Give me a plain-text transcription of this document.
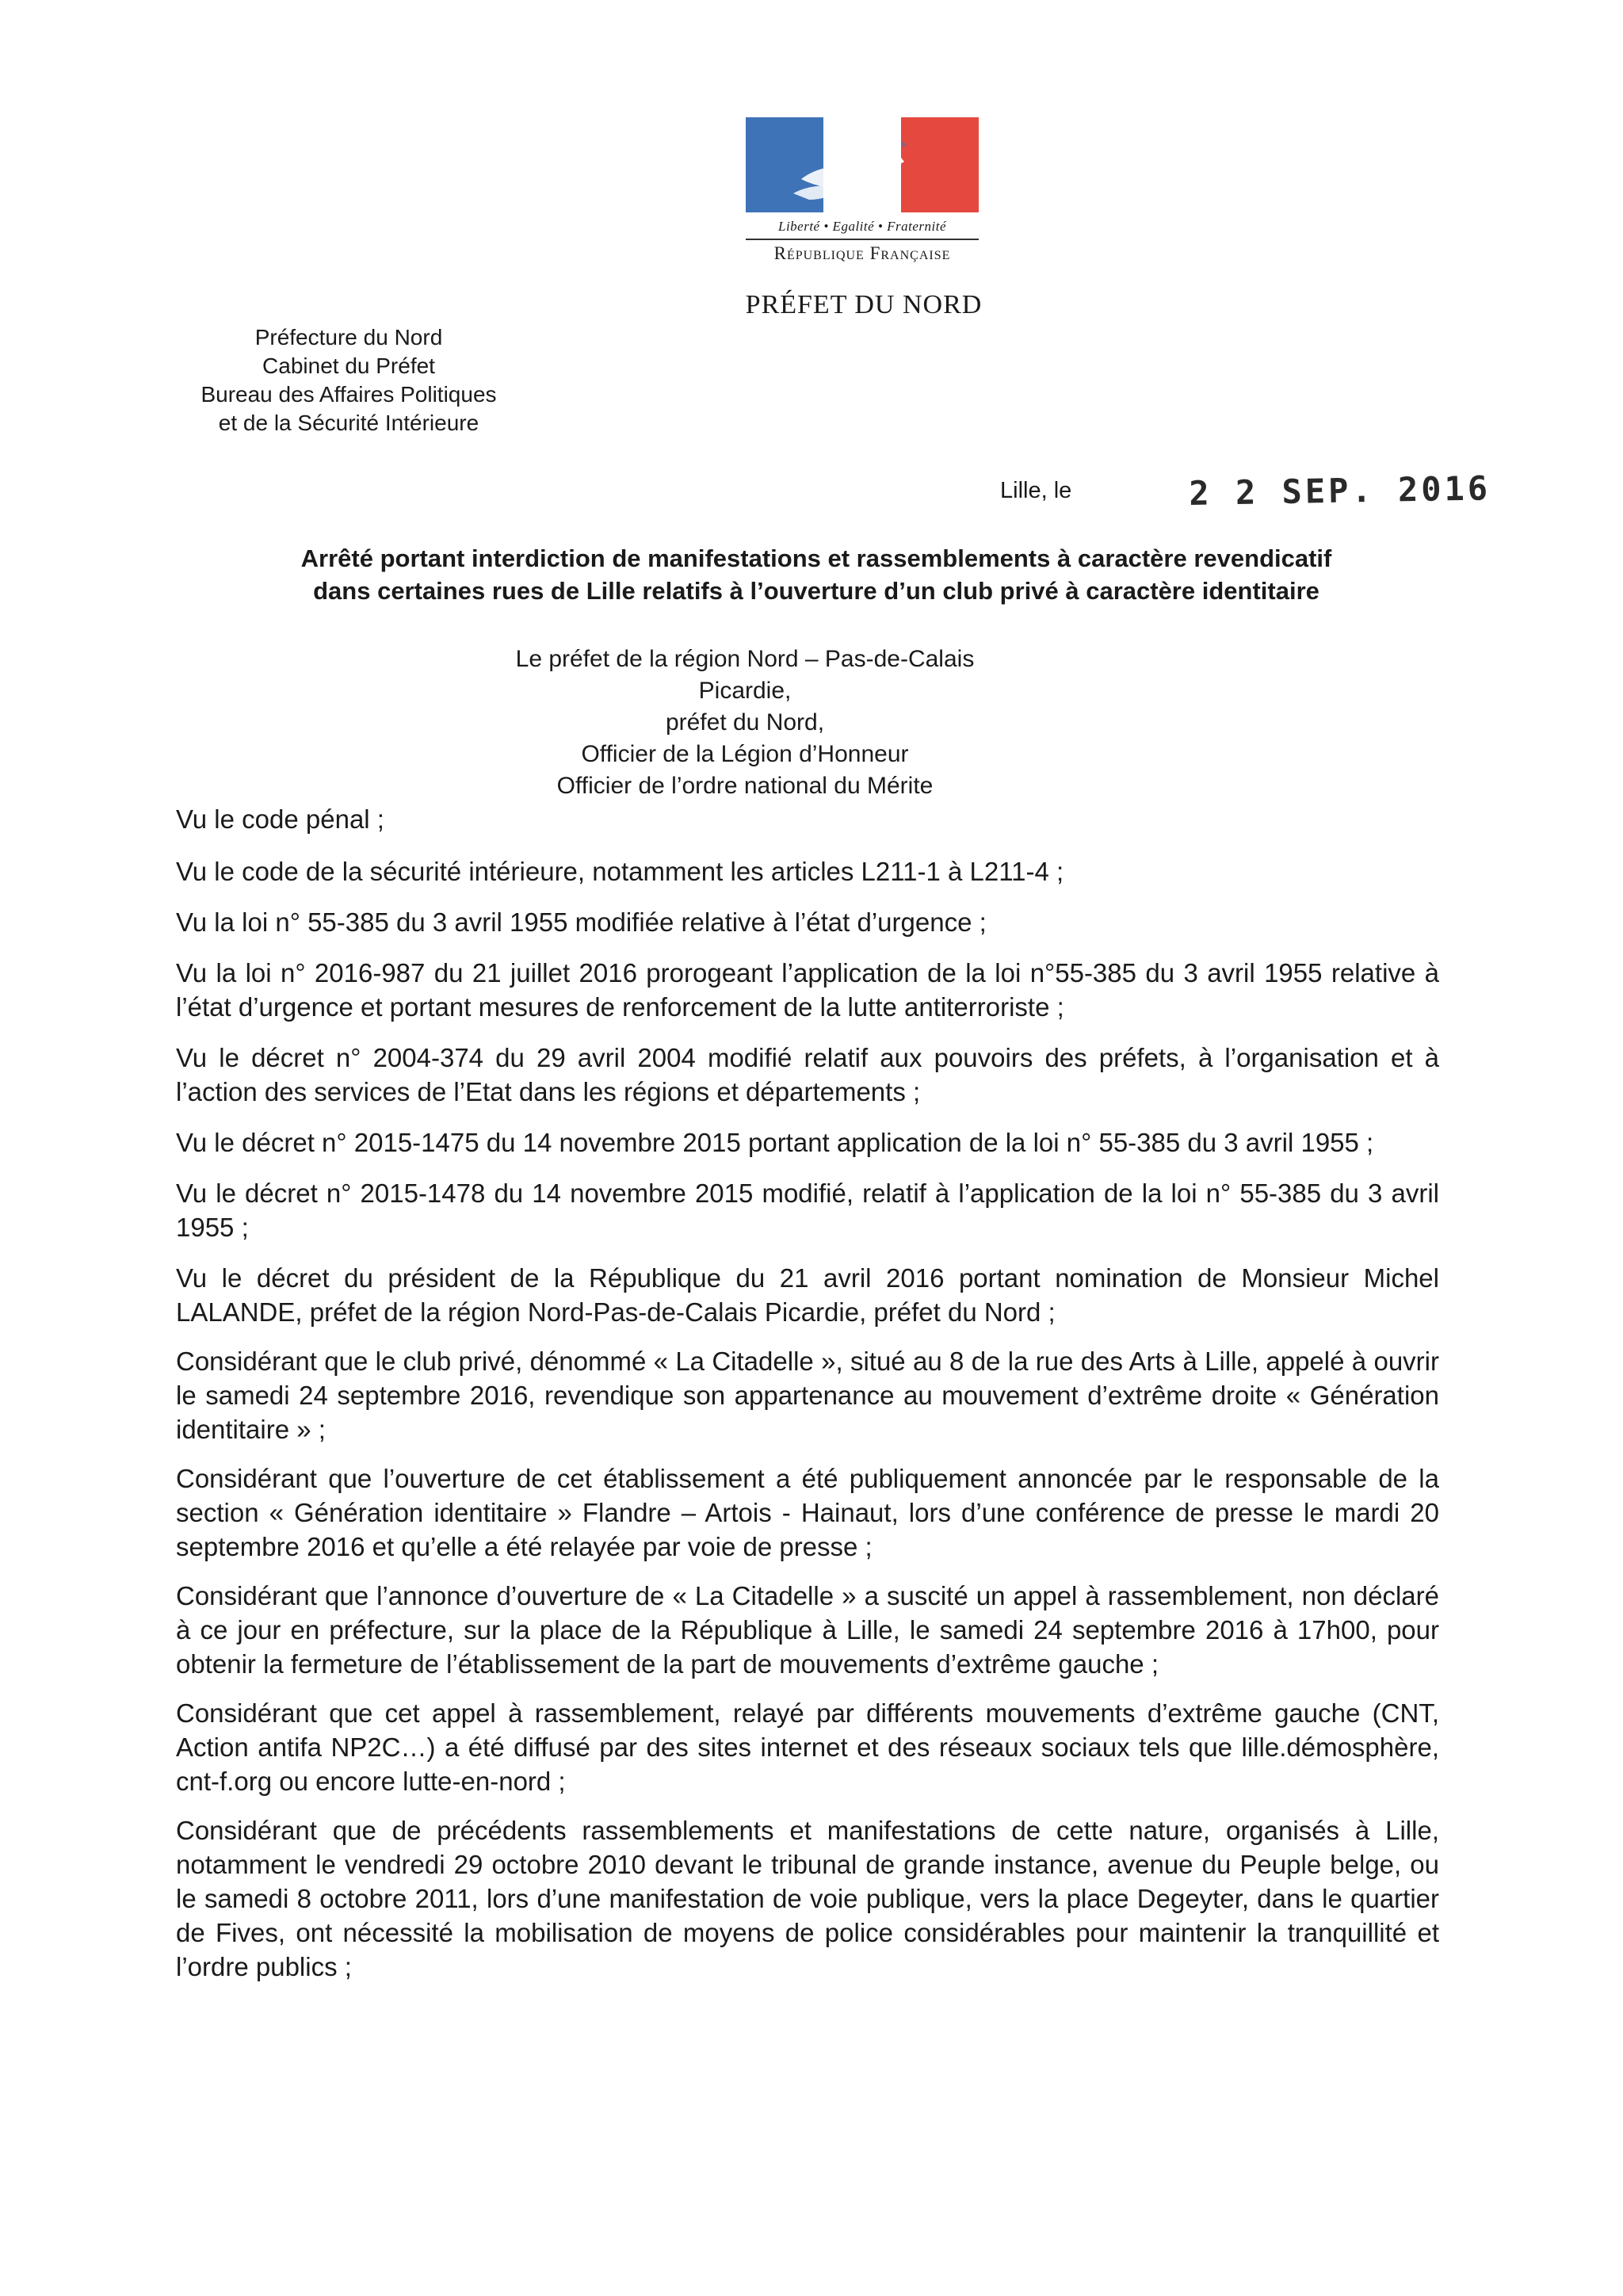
Liberté • Egalité • Fraternité
République Française
PRÉFET DU NORD
Préfecture du Nord
Cabinet du Préfet
Bureau des Affaires Politiques
et de la Sécurité Intérieure
Lille, le	2 2 SEP. 2016
Arrêté portant interdiction de manifestations et rassemblements à caractère revendicatif
dans certaines rues de Lille relatifs à l’ouverture d’un club privé à caractère identitaire
Le préfet de la région Nord – Pas-de-Calais Picardie,
préfet du Nord,
Officier de la Légion d’Honneur
Officier de l’ordre national du Mérite

Vu le code pénal ;

Vu le code de la sécurité intérieure, notamment les articles L211-1 à L211-4 ;

Vu la loi n° 55-385 du 3 avril 1955 modifiée relative à l’état d’urgence ;

Vu la loi n° 2016-987 du 21 juillet 2016 prorogeant l’application de la loi n°55-385 du 3 avril 1955 relative à l’état d’urgence et portant mesures de renforcement de la lutte antiterroriste ;

Vu le décret n° 2004-374 du 29 avril 2004 modifié relatif aux pouvoirs des préfets, à l’organisation et à l’action des services de l’Etat dans les régions et départements ;

Vu le décret n° 2015-1475 du 14 novembre 2015 portant application de la loi n° 55-385 du 3 avril 1955 ;

Vu le décret n° 2015-1478 du 14 novembre 2015 modifié, relatif à l’application de la loi n° 55-385 du 3 avril 1955 ;

Vu le décret du président de la République du 21 avril 2016 portant nomination de Monsieur Michel LALANDE, préfet de la région Nord-Pas-de-Calais Picardie, préfet du Nord ;

Considérant que le club privé, dénommé « La Citadelle », situé au 8 de la rue des Arts à Lille, appelé à ouvrir le samedi 24 septembre 2016, revendique son appartenance au mouvement d’extrême droite « Génération identitaire » ;

Considérant que l’ouverture de cet établissement a été publiquement annoncée par le responsable de la section « Génération identitaire » Flandre – Artois - Hainaut, lors d’une conférence de presse le mardi 20 septembre 2016 et qu’elle a été relayée par voie de presse ;

Considérant que l’annonce d’ouverture de « La Citadelle » a suscité un appel à rassemblement, non déclaré à ce jour en préfecture, sur la place de la République à Lille, le samedi 24 septembre 2016 à 17h00, pour obtenir la fermeture de l’établissement de la part de mouvements d’extrême gauche ;

Considérant que cet appel à rassemblement, relayé par différents mouvements d’extrême gauche (CNT, Action antifa NP2C…) a été diffusé par des sites internet et des réseaux sociaux tels que lille.démosphère, cnt-f.org ou encore lutte-en-nord ;

Considérant que de précédents rassemblements et manifestations de cette nature, organisés à Lille, notamment le vendredi 29 octobre 2010 devant le tribunal de grande instance, avenue du Peuple belge, ou le samedi 8 octobre 2011, lors d’une manifestation de voie publique, vers la place Degeyter, dans le quartier de Fives, ont nécessité la mobilisation de moyens de police considérables pour maintenir la tranquillité et l’ordre publics ;
